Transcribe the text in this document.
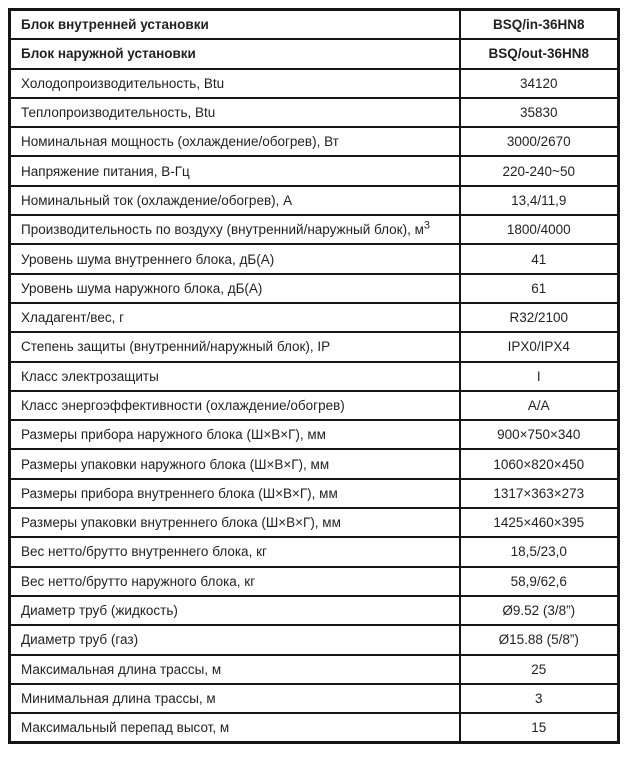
Блок внутренней установки	BSQ/in-36HN8
Блок наружной установки	BSQ/out-36HN8
Холодопроизводительность, Btu	34120
Теплопроизводительность, Btu	35830
Номинальная мощность (охлаждение/обогрев), Вт	3000/2670
Напряжение питания, В-Гц	220-240~50
Номинальный ток (охлаждение/обогрев), А	13,4/11,9
Производительность по воздуху (внутренний/наружный блок), $м^3$	1800/4000
Уровень шума внутреннего блока, дБ(А)	41
Уровень шума наружного блока, дБ(А)	61
Хладагент/вес, г	R32/2100
Степень защиты (внутренний/наружный блок), IP	IPX0/IPX4
Класс электрозащиты	I
Класс энергоэффективности (охлаждение/обогрев)	А/А
Размеры прибора наружного блока (Ш×В×Г), мм	900×750×340
Размеры упаковки наружного блока (Ш×В×Г), мм	1060×820×450
Размеры прибора внутреннего блока (Ш×В×Г), мм	1317×363×273
Размеры упаковки внутреннего блока (Ш×В×Г), мм	1425×460×395
Вес нетто/брутто внутреннего блока, кг	18,5/23,0
Вес нетто/брутто наружного блока, кг	58,9/62,6
Диаметр труб (жидкость)	Ø9.52 (3/8”)
Диаметр труб (газ)	Ø15.88 (5/8”)
Максимальная длина трассы, м	25
Минимальная длина трассы, м	3
Максимальный перепад высот, м	15
